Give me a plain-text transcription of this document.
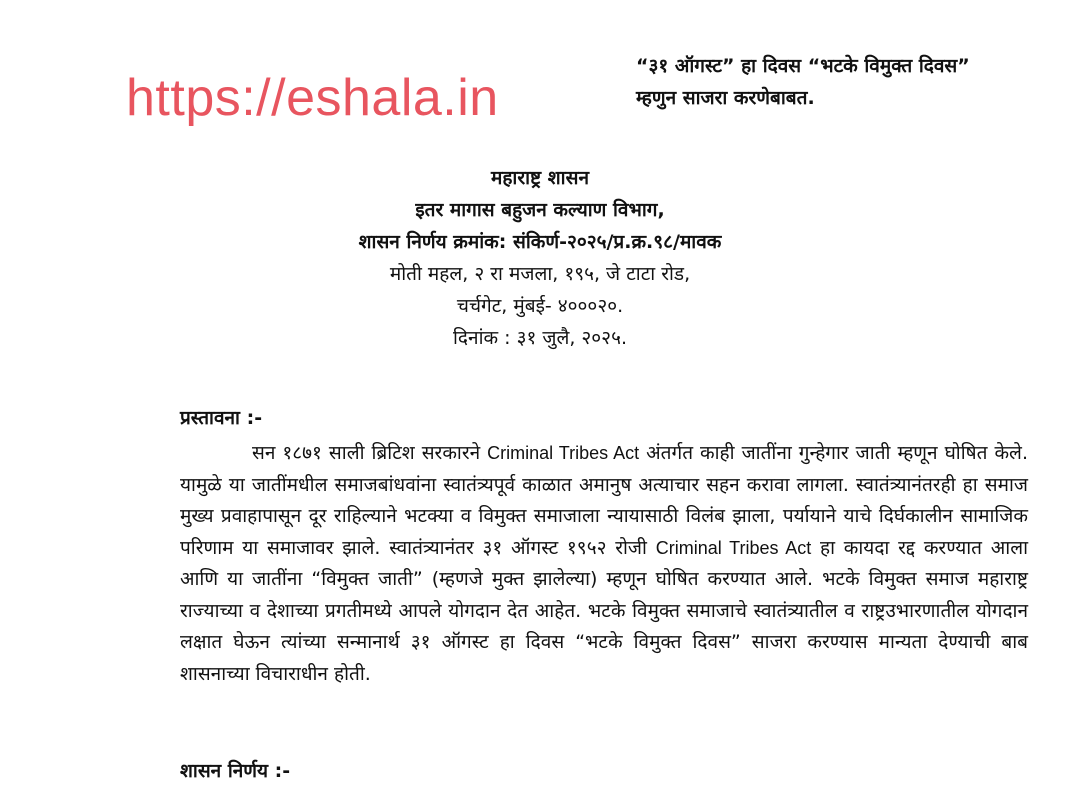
https://eshala.in
“३१ ऑगस्ट” हा दिवस “भटके विमुक्त दिवस”
म्हणुन साजरा करणेबाबत.
महाराष्ट्र शासन
इतर मागास बहुजन कल्याण विभाग,
शासन निर्णय क्रमांक: संकिर्ण-२०२५/प्र.क्र.९८/मावक
मोती महल, २ रा मजला, १९५, जे टाटा रोड,
चर्चगेट, मुंबई- ४०००२०.
दिनांक : ३१ जुलै, २०२५.
प्रस्तावना :-

सन १८७१ साली ब्रिटिश सरकारने Criminal Tribes Act अंतर्गत काही जातींना गुन्हेगार जाती म्हणून घोषित केले. यामुळे या जातींमधील समाजबांधवांना स्वातंत्र्यपूर्व काळात अमानुष अत्याचार सहन करावा लागला. स्वातंत्र्यानंतरही हा समाज मुख्य प्रवाहापासून दूर राहिल्याने भटक्या व विमुक्त समाजाला न्यायासाठी विलंब झाला, पर्यायाने याचे दिर्घकालीन सामाजिक परिणाम या समाजावर झाले. स्वातंत्र्यानंतर ३१ ऑगस्ट १९५२ रोजी Criminal Tribes Act हा कायदा रद्द करण्यात आला आणि या जातींना “विमुक्त जाती” (म्हणजे मुक्त झालेल्या) म्हणून घोषित करण्यात आले. भटके विमुक्त समाज महाराष्ट्र राज्याच्या व देशाच्या प्रगतीमध्ये आपले योगदान देत आहेत. भटके विमुक्त समाजाचे स्वातंत्र्यातील व राष्ट्रउभारणातील योगदान लक्षात घेऊन त्यांच्या सन्मानार्थ ३१ ऑगस्ट हा दिवस “भटके विमुक्त दिवस” साजरा करण्यास मान्यता देण्याची बाब शासनाच्या विचाराधीन होती.

शासन निर्णय :-
